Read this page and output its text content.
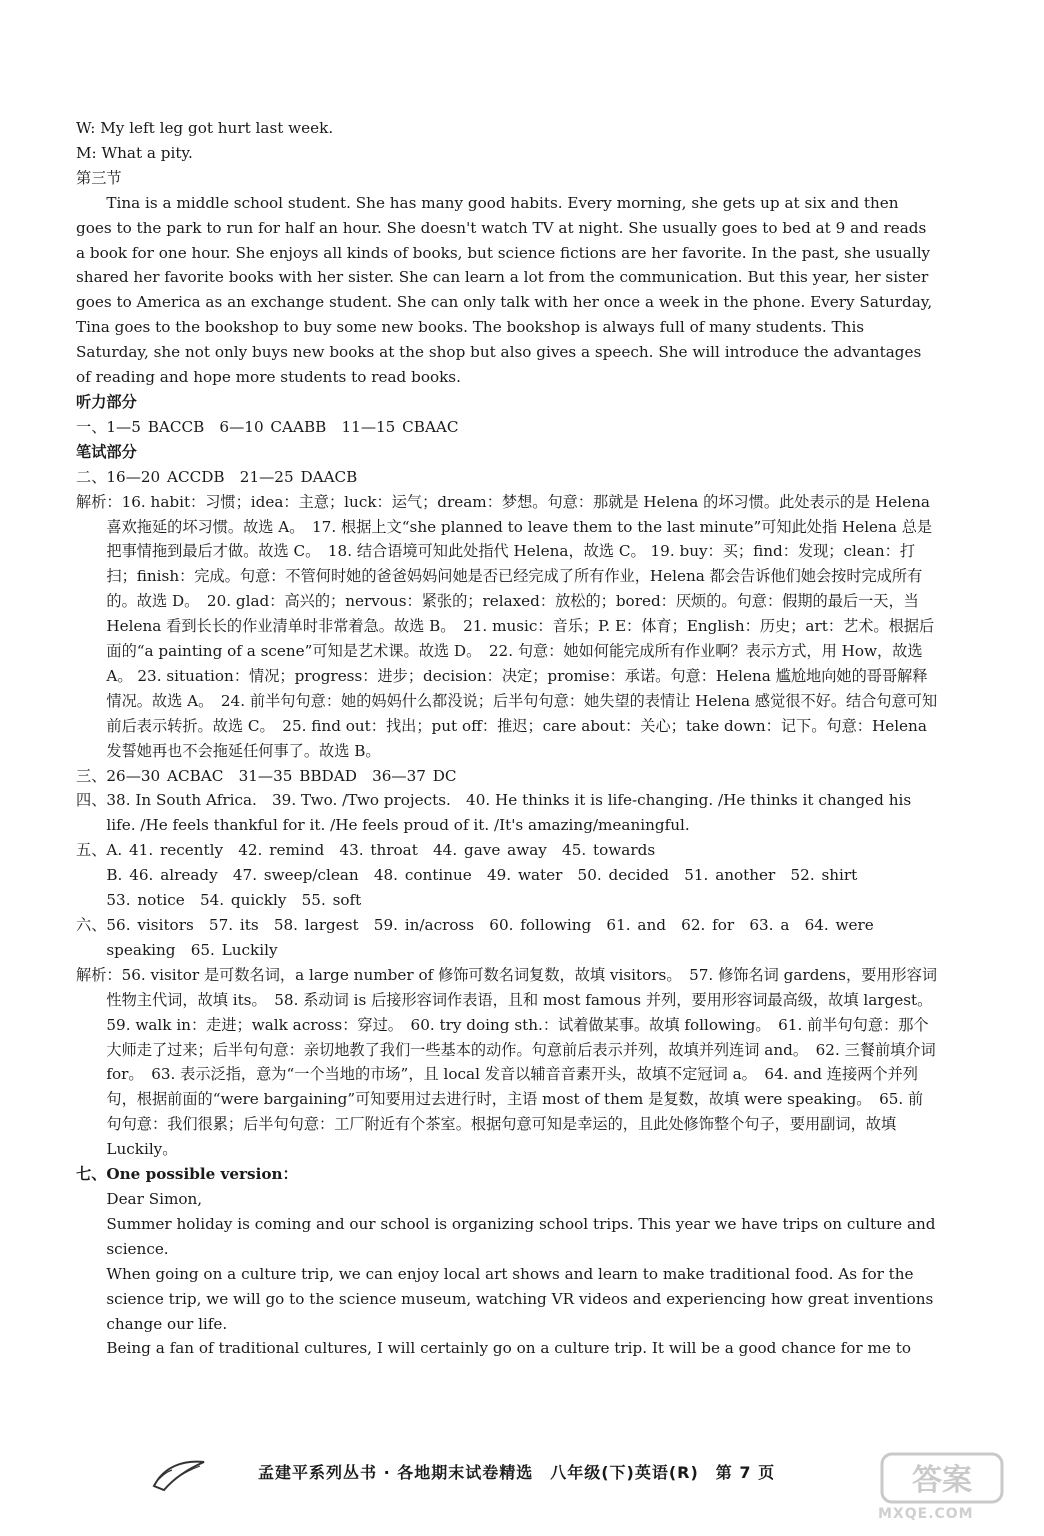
W: My left leg got hurt last week.

M: What a pity.

第三节

Tina is a middle school student. She has many good habits. Every morning, she gets up at six and then goes to the park to run for half an hour. She doesn't watch TV at night. She usually goes to bed at 9 and reads a book for one hour. She enjoys all kinds of books, but science fictions are her favorite. In the past, she usually shared her favorite books with her sister. She can learn a lot from the communication. But this year, her sister goes to America as an exchange student. She can only talk with her once a week in the phone. Every Saturday, Tina goes to the bookshop to buy some new books. The bookshop is always full of many students. This Saturday, she not only buys new books at the shop but also gives a speech. She will introduce the advantages of reading and hope more students to read books.

听力部分

一、1—5 BACCB　6—10 CAABB　11—15 CBAAC

笔试部分

二、16—20 ACCDB　21—25 DAACB

解析：16. habit：习惯；idea：主意；luck：运气；dream：梦想。句意：那就是 Helena 的坏习惯。此处表示的是 Helena 喜欢拖延的坏习惯。故选 A。　17. 根据上文“she planned to leave them to the last minute”可知此处指 Helena 总是把事情拖到最后才做。故选 C。　18. 结合语境可知此处指代 Helena，故选 C。 19. buy：买；find：发现；clean：打扫；finish：完成。句意：不管何时她的爸爸妈妈问她是否已经完成了所有作业，Helena 都会告诉他们她会按时完成所有的。故选 D。　20. glad：高兴的；nervous：紧张的；relaxed：放松的；bored：厌烦的。句意：假期的最后一天，当 Helena 看到长长的作业清单时非常着急。故选 B。　21. music：音乐；P. E：体育；English：历史；art：艺术。根据后面的“a painting of a scene”可知是艺术课。故选 D。　22. 句意：她如何能完成所有作业啊？表示方式，用 How，故选 A。 23. situation：情况；progress：进步；decision：决定；promise：承诺。句意：Helena 尴尬地向她的哥哥解释情况。故选 A。　24. 前半句句意：她的妈妈什么都没说；后半句句意：她失望的表情让 Helena 感觉很不好。结合句意可知前后表示转折。故选 C。　25. find out：找出；put off：推迟；care about：关心；take down：记下。句意：Helena 发誓她再也不会拖延任何事了。故选 B。

三、26—30 ACBAC　31—35 BBDAD　36—37 DC

四、38. In South Africa.　39. Two. /Two projects.　40. He thinks it is life-changing. /He thinks it changed his life. /He feels thankful for it. /He feels proud of it. /It's amazing/meaningful.

五、A. 41. recently　42. remind　43. throat　44. gave away　45. towards

B. 46. already　47. sweep/clean　48. continue　49. water　50. decided　51. another　52. shirt

53. notice　54. quickly　55. soft

六、56. visitors　57. its　58. largest　59. in/across　60. following　61. and　62. for　63. a　64. were speaking　65. Luckily

解析：56. visitor 是可数名词，a large number of 修饰可数名词复数，故填 visitors。　57. 修饰名词 gardens，要用形容词性物主代词，故填 its。　58. 系动词 is 后接形容词作表语，且和 most famous 并列，要用形容词最高级，故填 largest。　59. walk in：走进；walk across：穿过。　60. try doing sth.：试着做某事。故填 following。　61. 前半句句意：那个大师走了过来；后半句句意：亲切地教了我们一些基本的动作。句意前后表示并列，故填并列连词 and。　62. 三餐前填介词 for。　63. 表示泛指，意为“一个当地的市场”，且 local 发音以辅音音素开头，故填不定冠词 a。　64. and 连接两个并列句，根据前面的“were bargaining”可知要用过去进行时，主语 most of them 是复数，故填 were speaking。　65. 前句句意：我们很累；后半句句意：工厂附近有个茶室。根据句意可知是幸运的，且此处修饰整个句子，要用副词，故填 Luckily。

七、One possible version：

Dear Simon,

Summer holiday is coming and our school is organizing school trips. This year we have trips on culture and science.

When going on a culture trip, we can enjoy local art shows and learn to make traditional food. As for the science trip, we will go to the science museum, watching VR videos and experiencing how great inventions change our life.

Being a fan of traditional cultures, I will certainly go on a culture trip. It will be a good chance for me to

孟建平系列丛书 · 各地期末试卷精选　八年级(下)英语(R)　第 7 页	答案
MXQE.COM
